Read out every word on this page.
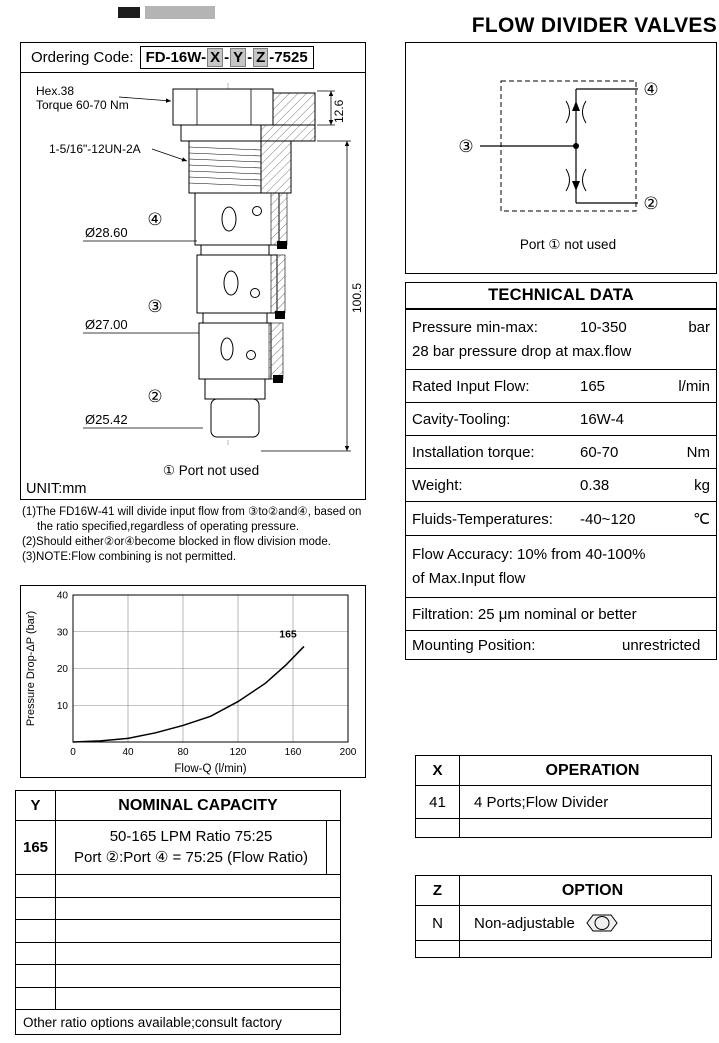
FLOW DIVIDER VALVES
Ordering Code: FD-16W- X - Y - Z -7525
Hex.38
Torque 60-70 Nm
1-5/16"-12UN-2A
④
Ø28.60
③
Ø27.00
②
Ø25.42
12.6
100.5
① Port not used
UNIT:mm
(1)The FD16W-41 will divide input flow from ③to②and④, based on the ratio specified,regardless of operating pressure.
(2)Should either②or④become blocked in flow division mode.
(3)NOTE:Flow combining is not permitted.
0	40	80	120	160	200
10
20
30
40
165
Flow-Q (l/min)
Pressure Drop-ΔP (bar)
Y	NOMINAL CAPACITY
165
50-165 LPM Ratio 75:25
Port ②:Port ④ = 75:25 (Flow Ratio)
Other ratio options available;consult factory
④
③
②
Port ① not used
TECHNICAL DATA
Pressure min-max:	10-350	bar
28 bar pressure drop at max.flow
Rated Input Flow:	165	l/min
Cavity-Tooling:	16W-4
Installation torque:	60-70	Nm
Weight:	0.38	kg
Fluids-Temperatures:	-40~120	℃
Flow Accuracy: 10% from 40-100%
of Max.Input flow
Filtration: 25 μm nominal or better
Mounting Position:	unrestricted
X	OPERATION
41	4 Ports;Flow Divider
Z	OPTION
N	Non-adjustable
